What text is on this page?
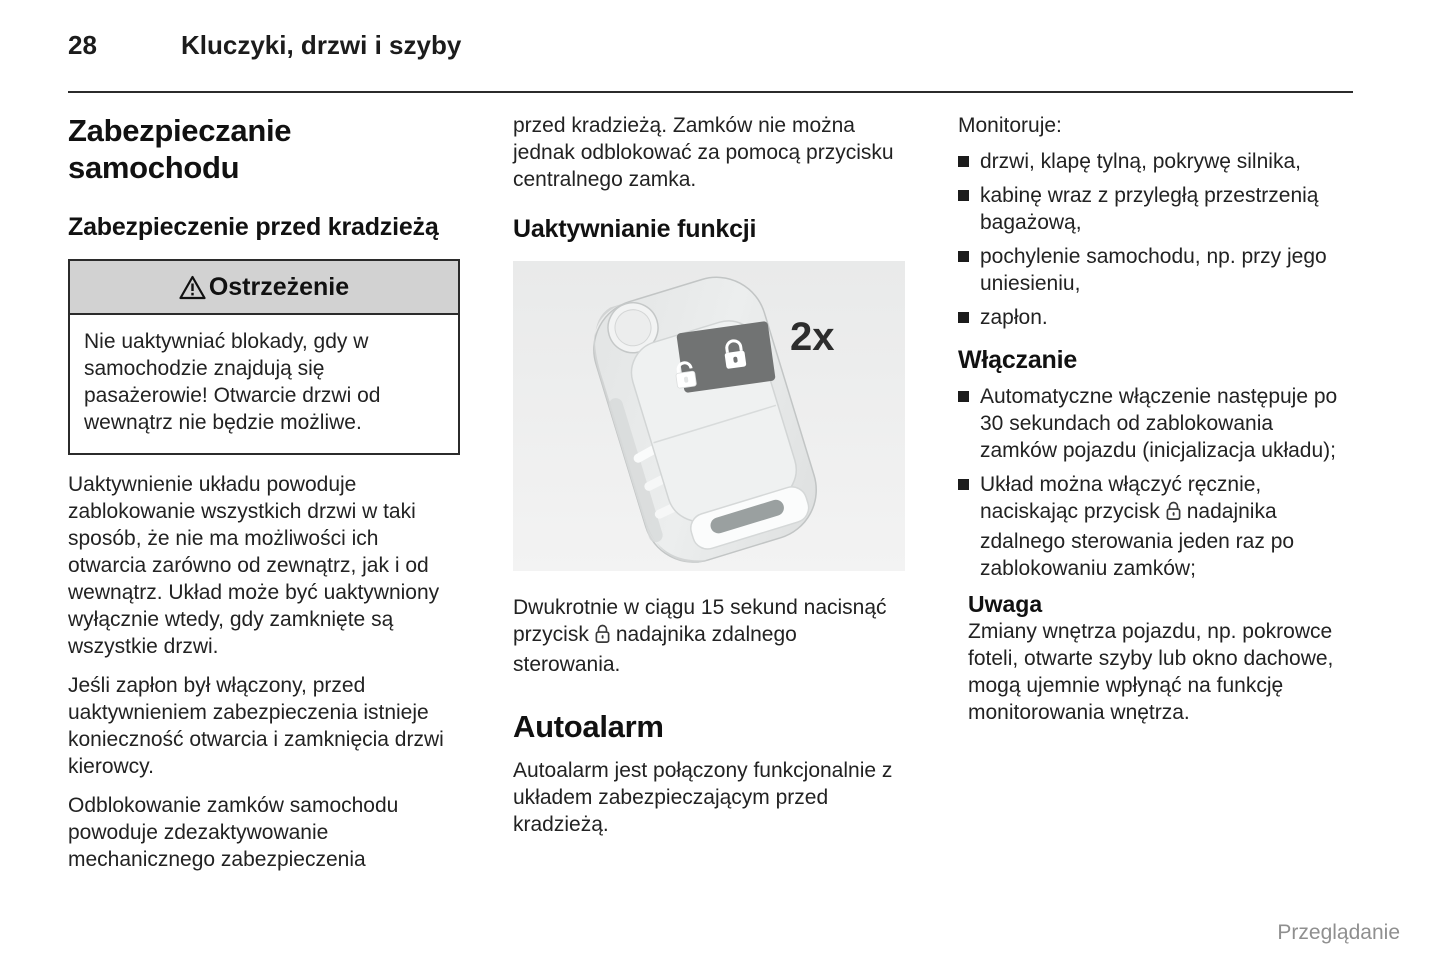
28	Kluczyki, drzwi i szyby
Zabezpieczanie samochodu
Zabezpieczenie przed kradzieżą
Ostrzeżenie
Nie uaktywniać blokady, gdy w samochodzie znajdują się pasażerowie! Otwarcie drzwi od wewnątrz nie będzie możliwe.

Uaktywnienie układu powoduje zablokowanie wszystkich drzwi w taki sposób, że nie ma możliwości ich otwarcia zarówno od zewnątrz, jak i od wewnątrz. Układ może być uaktywniony wyłącznie wtedy, gdy zamknięte są wszystkie drzwi.

Jeśli zapłon był włączony, przed uaktywnieniem zabezpieczenia istnieje konieczność otwarcia i zamknięcia drzwi kierowcy.

Odblokowanie zamków samochodu powoduje zdezaktywowanie mechanicznego zabezpieczenia

przed kradzieżą. Zamków nie można jednak odblokować za pomocą przycisku centralnego zamka.

Uaktywnianie funkcji
2x

Dwukrotnie w ciągu 15 sekund nacisnąć przycisk nadajnika zdalnego sterowania.

Autoalarm

Autoalarm jest połączony funkcjonalnie z układem zabezpieczającym przed kradzieżą.

Monitoruje:

drzwi, klapę tylną, pokrywę silnika,
kabinę wraz z przyległą przestrzenią bagażową,
pochylenie samochodu, np. przy jego uniesieniu,
zapłon.
Włączanie
Automatyczne włączenie następuje po 30 sekundach od zablokowania zamków pojazdu (inicjalizacja układu);
Układ można włączyć ręcznie, naciskając przycisk nadajnika zdalnego sterowania jeden raz po zablokowaniu zamków;
Uwaga

Zmiany wnętrza pojazdu, np. pokrowce foteli, otwarte szyby lub okno dachowe, mogą ujemnie wpłynąć na funkcję monitorowania wnętrza.

Przeglądanie
